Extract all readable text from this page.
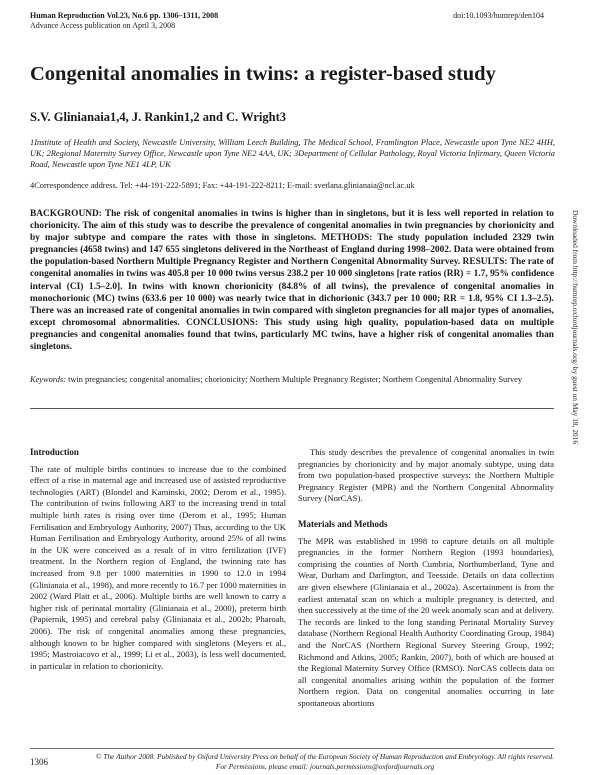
Human Reproduction Vol.23, No.6 pp. 1306–1311, 2008
Advance Access publication on April 3, 2008
doi:10.1093/humrep/den104
Congenital anomalies in twins: a register-based study
S.V. Glinianaia1,4, J. Rankin1,2 and C. Wright3
1Institute of Health and Society, Newcastle University, William Leech Building, The Medical School, Framlington Place, Newcastle upon Tyne NE2 4HH, UK; 2Regional Maternity Survey Office, Newcastle upon Tyne NE2 4AA, UK; 3Department of Cellular Pathology, Royal Victoria Infirmary, Queen Victoria Road, Newcastle upon Tyne NE1 4LP, UK
4Correspondence address. Tel: +44-191-222-5891; Fax: +44-191-222-8211; E-mail: svetlana.glinianaia@ncl.ac.uk
BACKGROUND: The risk of congenital anomalies in twins is higher than in singletons, but it is less well reported in relation to chorionicity. The aim of this study was to describe the prevalence of congenital anomalies in twin pregnancies by chorionicity and by major subtype and compare the rates with those in singletons. METHODS: The study population included 2329 twin pregnancies (4658 twins) and 147 655 singletons delivered in the Northeast of England during 1998–2002. Data were obtained from the population-based Northern Multiple Pregnancy Register and Northern Congenital Abnormality Survey. RESULTS: The rate of congenital anomalies in twins was 405.8 per 10 000 twins versus 238.2 per 10 000 singletons [rate ratios (RR) = 1.7, 95% confidence interval (CI) 1.5–2.0]. In twins with known chorionicity (84.8% of all twins), the prevalence of congenital anomalies in monochorionic (MC) twins (633.6 per 10 000) was nearly twice that in dichorionic (343.7 per 10 000; RR = 1.8, 95% CI 1.3–2.5). There was an increased rate of congenital anomalies in twin compared with singleton pregnancies for all major types of anomalies, except chromosomal abnormalities. CONCLUSIONS: This study using high quality, population-based data on multiple pregnancies and congenital anomalies found that twins, particularly MC twins, have a higher risk of congenital anomalies than singletons.
Keywords: twin pregnancies; congenital anomalies; chorionicity; Northern Multiple Pregnancy Register; Northern Congenital Abnormality Survey
Introduction

The rate of multiple births continues to increase due to the combined effect of a rise in maternal age and increased use of assisted reproductive technologies (ART) (Blondel and Kaminski, 2002; Derom et al., 1995). The contribution of twins following ART to the increasing trend in total multiple birth rates is rising over time (Derom et al., 1995; Human Fertilisation and Embryology Authority, 2007) Thus, according to the UK Human Fertilisation and Embryology Authority, around 25% of all twins in the UK were conceived as a result of in vitro fertilization (IVF) treatment. In the Northern region of England, the twinning rate has increased from 9.8 per 1000 maternities in 1990 to 12.0 in 1994 (Glinianaia et al., 1998), and more recently to 16.7 per 1000 maternities in 2002 (Ward Platt et al., 2006). Multiple births are well known to carry a higher risk of perinatal mortality (Glinianaia et al., 2000), preterm birth (Papiernik, 1995) and cerebral palsy (Glinianaia et al., 2002b; Pharoah, 2006). The risk of congenital anomalies among these pregnancies, although known to be higher compared with singletons (Meyers et al., 1995; Mastroiacovo et al., 1999; Li et al., 2003), is less well documented, in particular in relation to chorionicity.

This study describes the prevalence of congenital anomalies in twin pregnancies by chorionicity and by major anomaly subtype, using data from two population-based prospective surveys: the Northern Multiple Pregnancy Register (MPR) and the Northern Congenital Abnormality Survey (NorCAS).

Materials and Methods

The MPR was established in 1998 to capture details on all multiple pregnancies in the former Northern Region (1993 boundaries), comprising the counties of North Cumbria, Northumberland, Tyne and Wear, Durham and Darlington, and Teesside. Details on data collection are given elsewhere (Glinianaia et al., 2002a). Ascertainment is from the earliest antenatal scan on which a multiple pregnancy is detected, and then successively at the time of the 20 week anomaly scan and at delivery. The records are linked to the long standing Perinatal Mortality Survey database (Northern Regional Health Authority Coordinating Group, 1984) and the NorCAS (Northern Regional Survey Steering Group, 1992; Richmond and Atkins, 2005; Rankin, 2007), both of which are housed at the Regional Maternity Survey Office (RMSO). NorCAS collects data on all congenital anomalies arising within the population of the former Northern region. Data on congenital anomalies occurring in late spontaneous abortions

Downloaded from http://humrep.oxfordjournals.org/ by guest on May 18, 2016
1306
© The Author 2008. Published by Oxford University Press on behalf of the European Society of Human Reproduction and Embryology. All rights reserved. For Permissions, please email: journals.permissions@oxfordjournals.org
